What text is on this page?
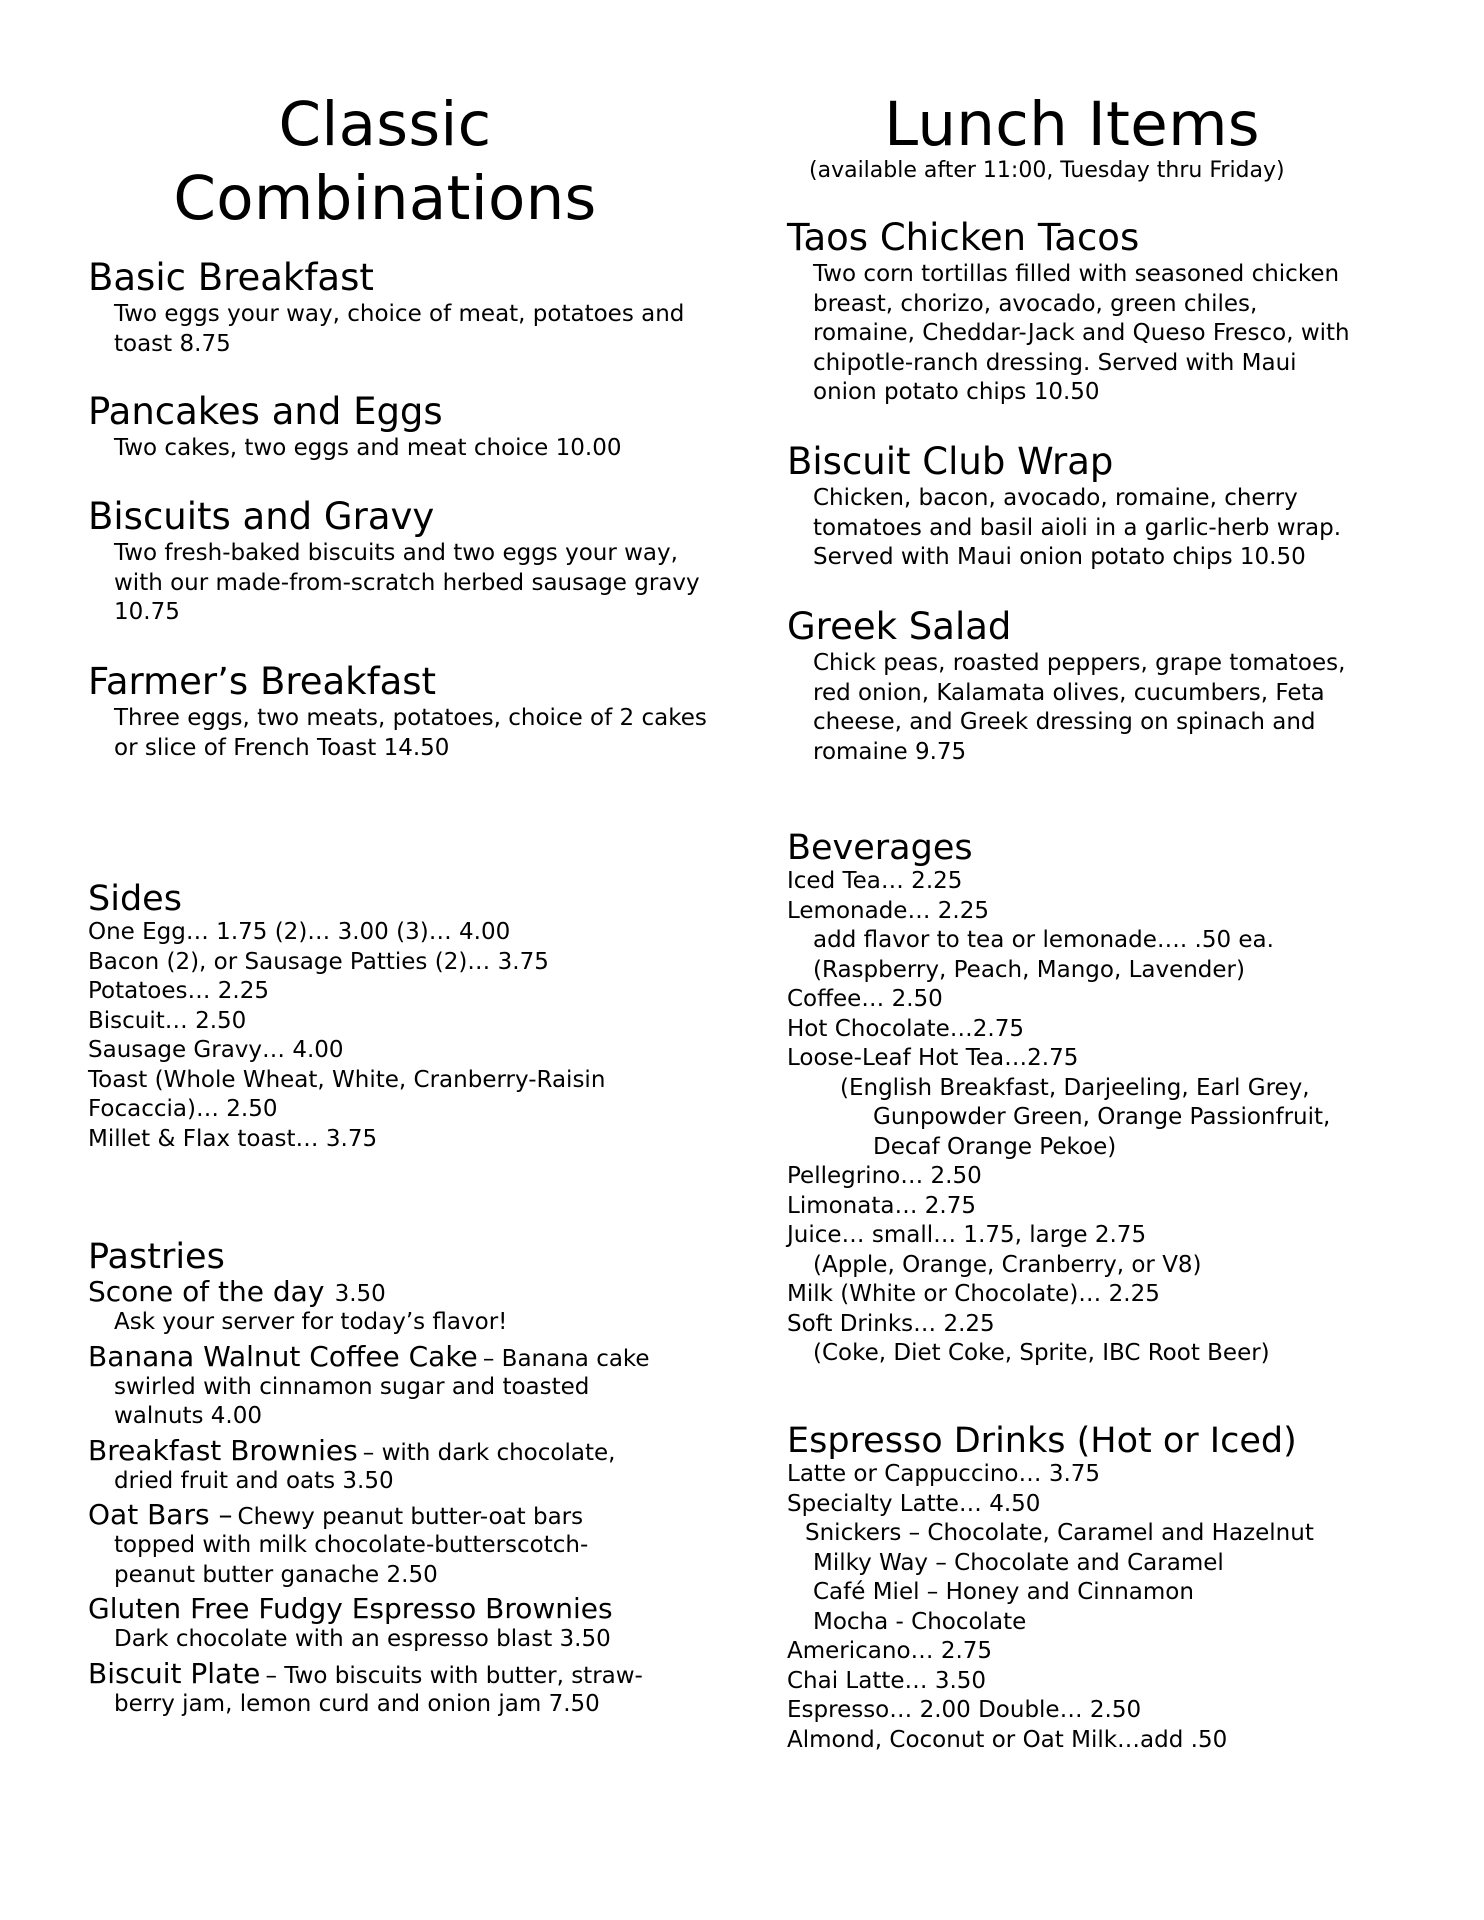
Classic
Combinations
Basic Breakfast
Two eggs your way, choice of meat, potatoes and toast 8.75
Pancakes and Eggs
Two cakes, two eggs and meat choice 10.00
Biscuits and Gravy
Two fresh-baked biscuits and two eggs your way, with our made-from-scratch herbed sausage gravy 10.75
Farmer’s Breakfast
Three eggs, two meats, potatoes, choice of 2 cakes or slice of French Toast 14.50
Sides
One Egg… 1.75 (2)… 3.00 (3)… 4.00
Bacon (2), or Sausage Patties (2)… 3.75
Potatoes… 2.25
Biscuit… 2.50
Sausage Gravy… 4.00
Toast (Whole Wheat, White, Cranberry-Raisin
Focaccia)… 2.50
Millet & Flax toast… 3.75
Pastries
Scone of the day 3.50
Ask your server for today’s flavor!
Banana Walnut Coffee Cake – Banana cake
swirled with cinnamon sugar and toasted
walnuts 4.00
Breakfast Brownies – with dark chocolate,
dried fruit and oats 3.50
Oat Bars – Chewy peanut butter-oat bars
topped with milk chocolate-butterscotch-
peanut butter ganache 2.50
Gluten Free Fudgy Espresso Brownies
Dark chocolate with an espresso blast 3.50
Biscuit Plate – Two biscuits with butter, straw-
berry jam, lemon curd and onion jam 7.50
Lunch Items
(available after 11:00, Tuesday thru Friday)
Taos Chicken Tacos
Two corn tortillas filled with seasoned chicken
breast, chorizo, avocado, green chiles,
romaine, Cheddar-Jack and Queso Fresco, with
chipotle-ranch dressing. Served with Maui
onion potato chips 10.50
Biscuit Club Wrap
Chicken, bacon, avocado, romaine, cherry
tomatoes and basil aioli in a garlic-herb wrap.
Served with Maui onion potato chips 10.50
Greek Salad
Chick peas, roasted peppers, grape tomatoes,
red onion, Kalamata olives, cucumbers, Feta
cheese, and Greek dressing on spinach and
romaine 9.75
Beverages
Iced Tea… 2.25
Lemonade… 2.25
add flavor to tea or lemonade…. .50 ea.
(Raspberry, Peach, Mango, Lavender)
Coffee… 2.50
Hot Chocolate…2.75
Loose-Leaf Hot Tea…2.75
(English Breakfast, Darjeeling, Earl Grey,
Gunpowder Green, Orange Passionfruit,
Decaf Orange Pekoe)
Pellegrino… 2.50
Limonata… 2.75
Juice… small… 1.75, large 2.75
(Apple, Orange, Cranberry, or V8)
Milk (White or Chocolate)… 2.25
Soft Drinks… 2.25
(Coke, Diet Coke, Sprite, IBC Root Beer)
Espresso Drinks (Hot or Iced)
Latte or Cappuccino… 3.75
Specialty Latte… 4.50
Snickers – Chocolate, Caramel and Hazelnut
Milky Way – Chocolate and Caramel
Café Miel – Honey and Cinnamon
Mocha - Chocolate
Americano… 2.75
Chai Latte… 3.50
Espresso… 2.00 Double… 2.50
Almond, Coconut or Oat Milk…add .50
